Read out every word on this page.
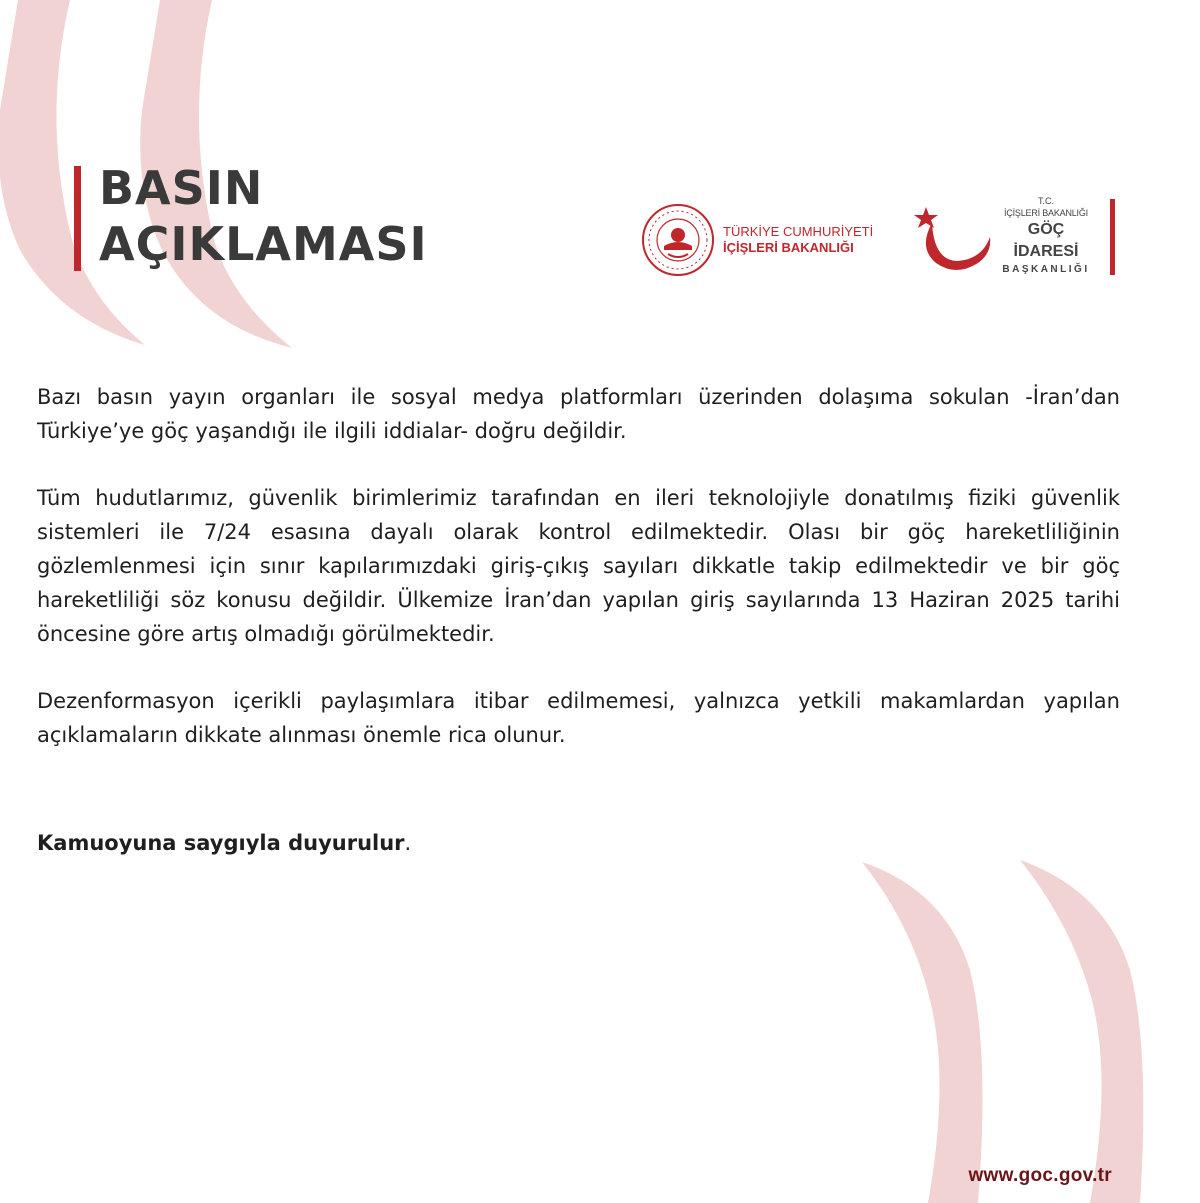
BASIN
AÇIKLAMASI	TÜRKİYE CUMHURİYETİ
İÇİŞLERİ BAKANLIĞI
T.C.
İÇİŞLERİ BAKANLIĞI
GÖÇ İDARESİ
BAŞKANLIĞI

Bazı basın yayın organları ile sosyal medya platformları üzerinden dolaşıma sokulan -İran’dan Türkiye’ye göç yaşandığı ile ilgili iddialar- doğru değildir.

Tüm hudutlarımız, güvenlik birimlerimiz tarafından en ileri teknolojiyle donatılmış fiziki güvenlik sistemleri ile 7/24 esasına dayalı olarak kontrol edilmektedir. Olası bir göç hareketliliğinin gözlemlenmesi için sınır kapılarımızdaki giriş-çıkış sayıları dikkatle takip edilmektedir ve bir göç hareketliliği söz konusu değildir. Ülkemize İran’dan yapılan giriş sayılarında 13 Haziran 2025 tarihi öncesine göre artış olmadığı görülmektedir.

Dezenformasyon içerikli paylaşımlara itibar edilmemesi, yalnızca yetkili makamlardan yapılan açıklamaların dikkate alınması önemle rica olunur.

Kamuoyuna saygıyla duyurulur.
www.goc.gov.tr
